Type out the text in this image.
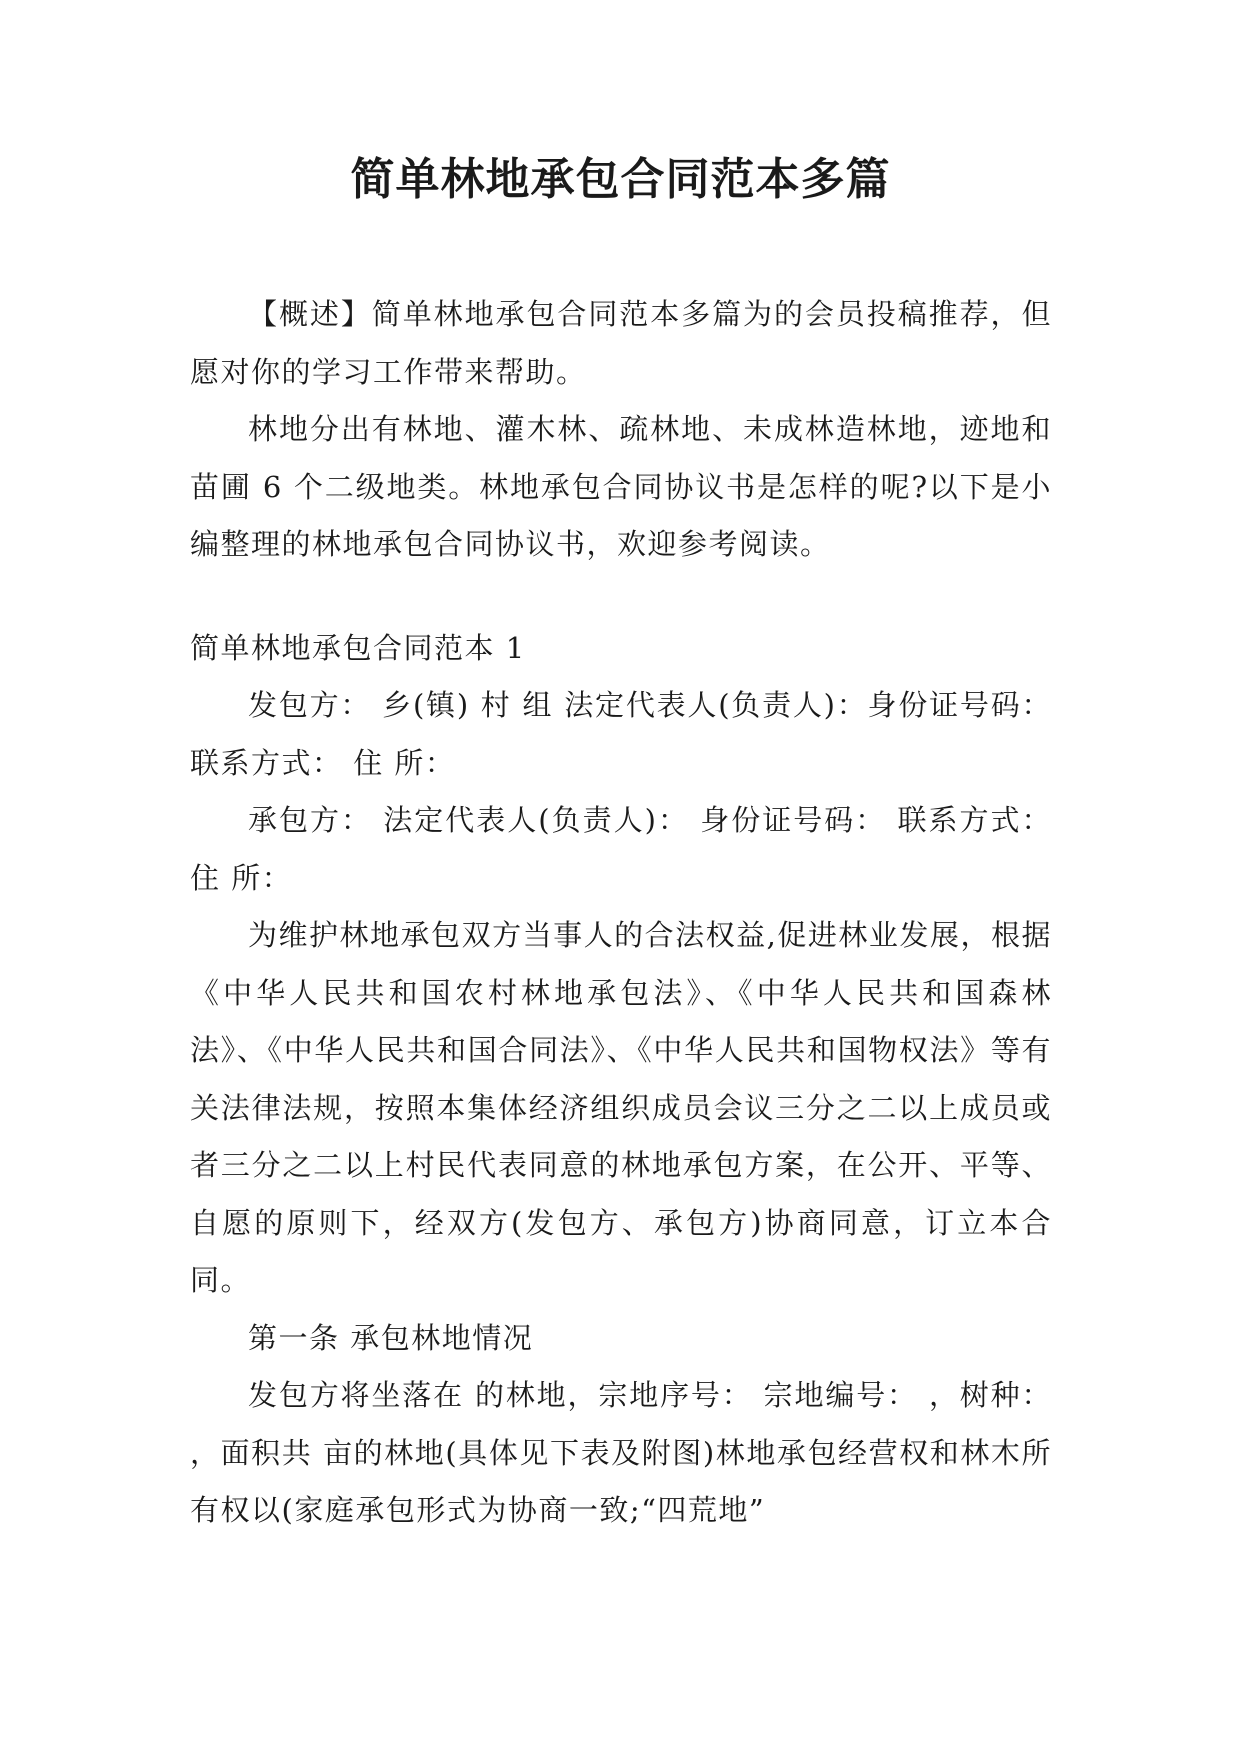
简单林地承包合同范本多篇

【概述】简单林地承包合同范本多篇为的会员投稿推荐，但愿对你的学习工作带来帮助。

林地分出有林地、灌木林、疏林地、未成林造林地，迹地和苗圃 6 个二级地类。林地承包合同协议书是怎样的呢?以下是小编整理的林地承包合同协议书，欢迎参考阅读。

简单林地承包合同范本 1

发包方： 乡(镇) 村 组 法定代表人(负责人)：身份证号码： 联系方式： 住 所：

承包方： 法定代表人(负责人)： 身份证号码： 联系方式： 住 所：

为维护林地承包双方当事人的合法权益,促进林业发展，根据《中华人民共和国农村林地承包法》、《中华人民共和国森林法》、《中华人民共和国合同法》、《中华人民共和国物权法》等有关法律法规，按照本集体经济组织成员会议三分之二以上成员或者三分之二以上村民代表同意的林地承包方案，在公开、平等、自愿的原则下，经双方(发包方、承包方)协商同意，订立本合同。

第一条 承包林地情况

发包方将坐落在 的林地，宗地序号： 宗地编号： ，树种： ，面积共 亩的林地(具体见下表及附图)林地承包经营权和林木所有权以(家庭承包形式为协商一致;“四荒地”
